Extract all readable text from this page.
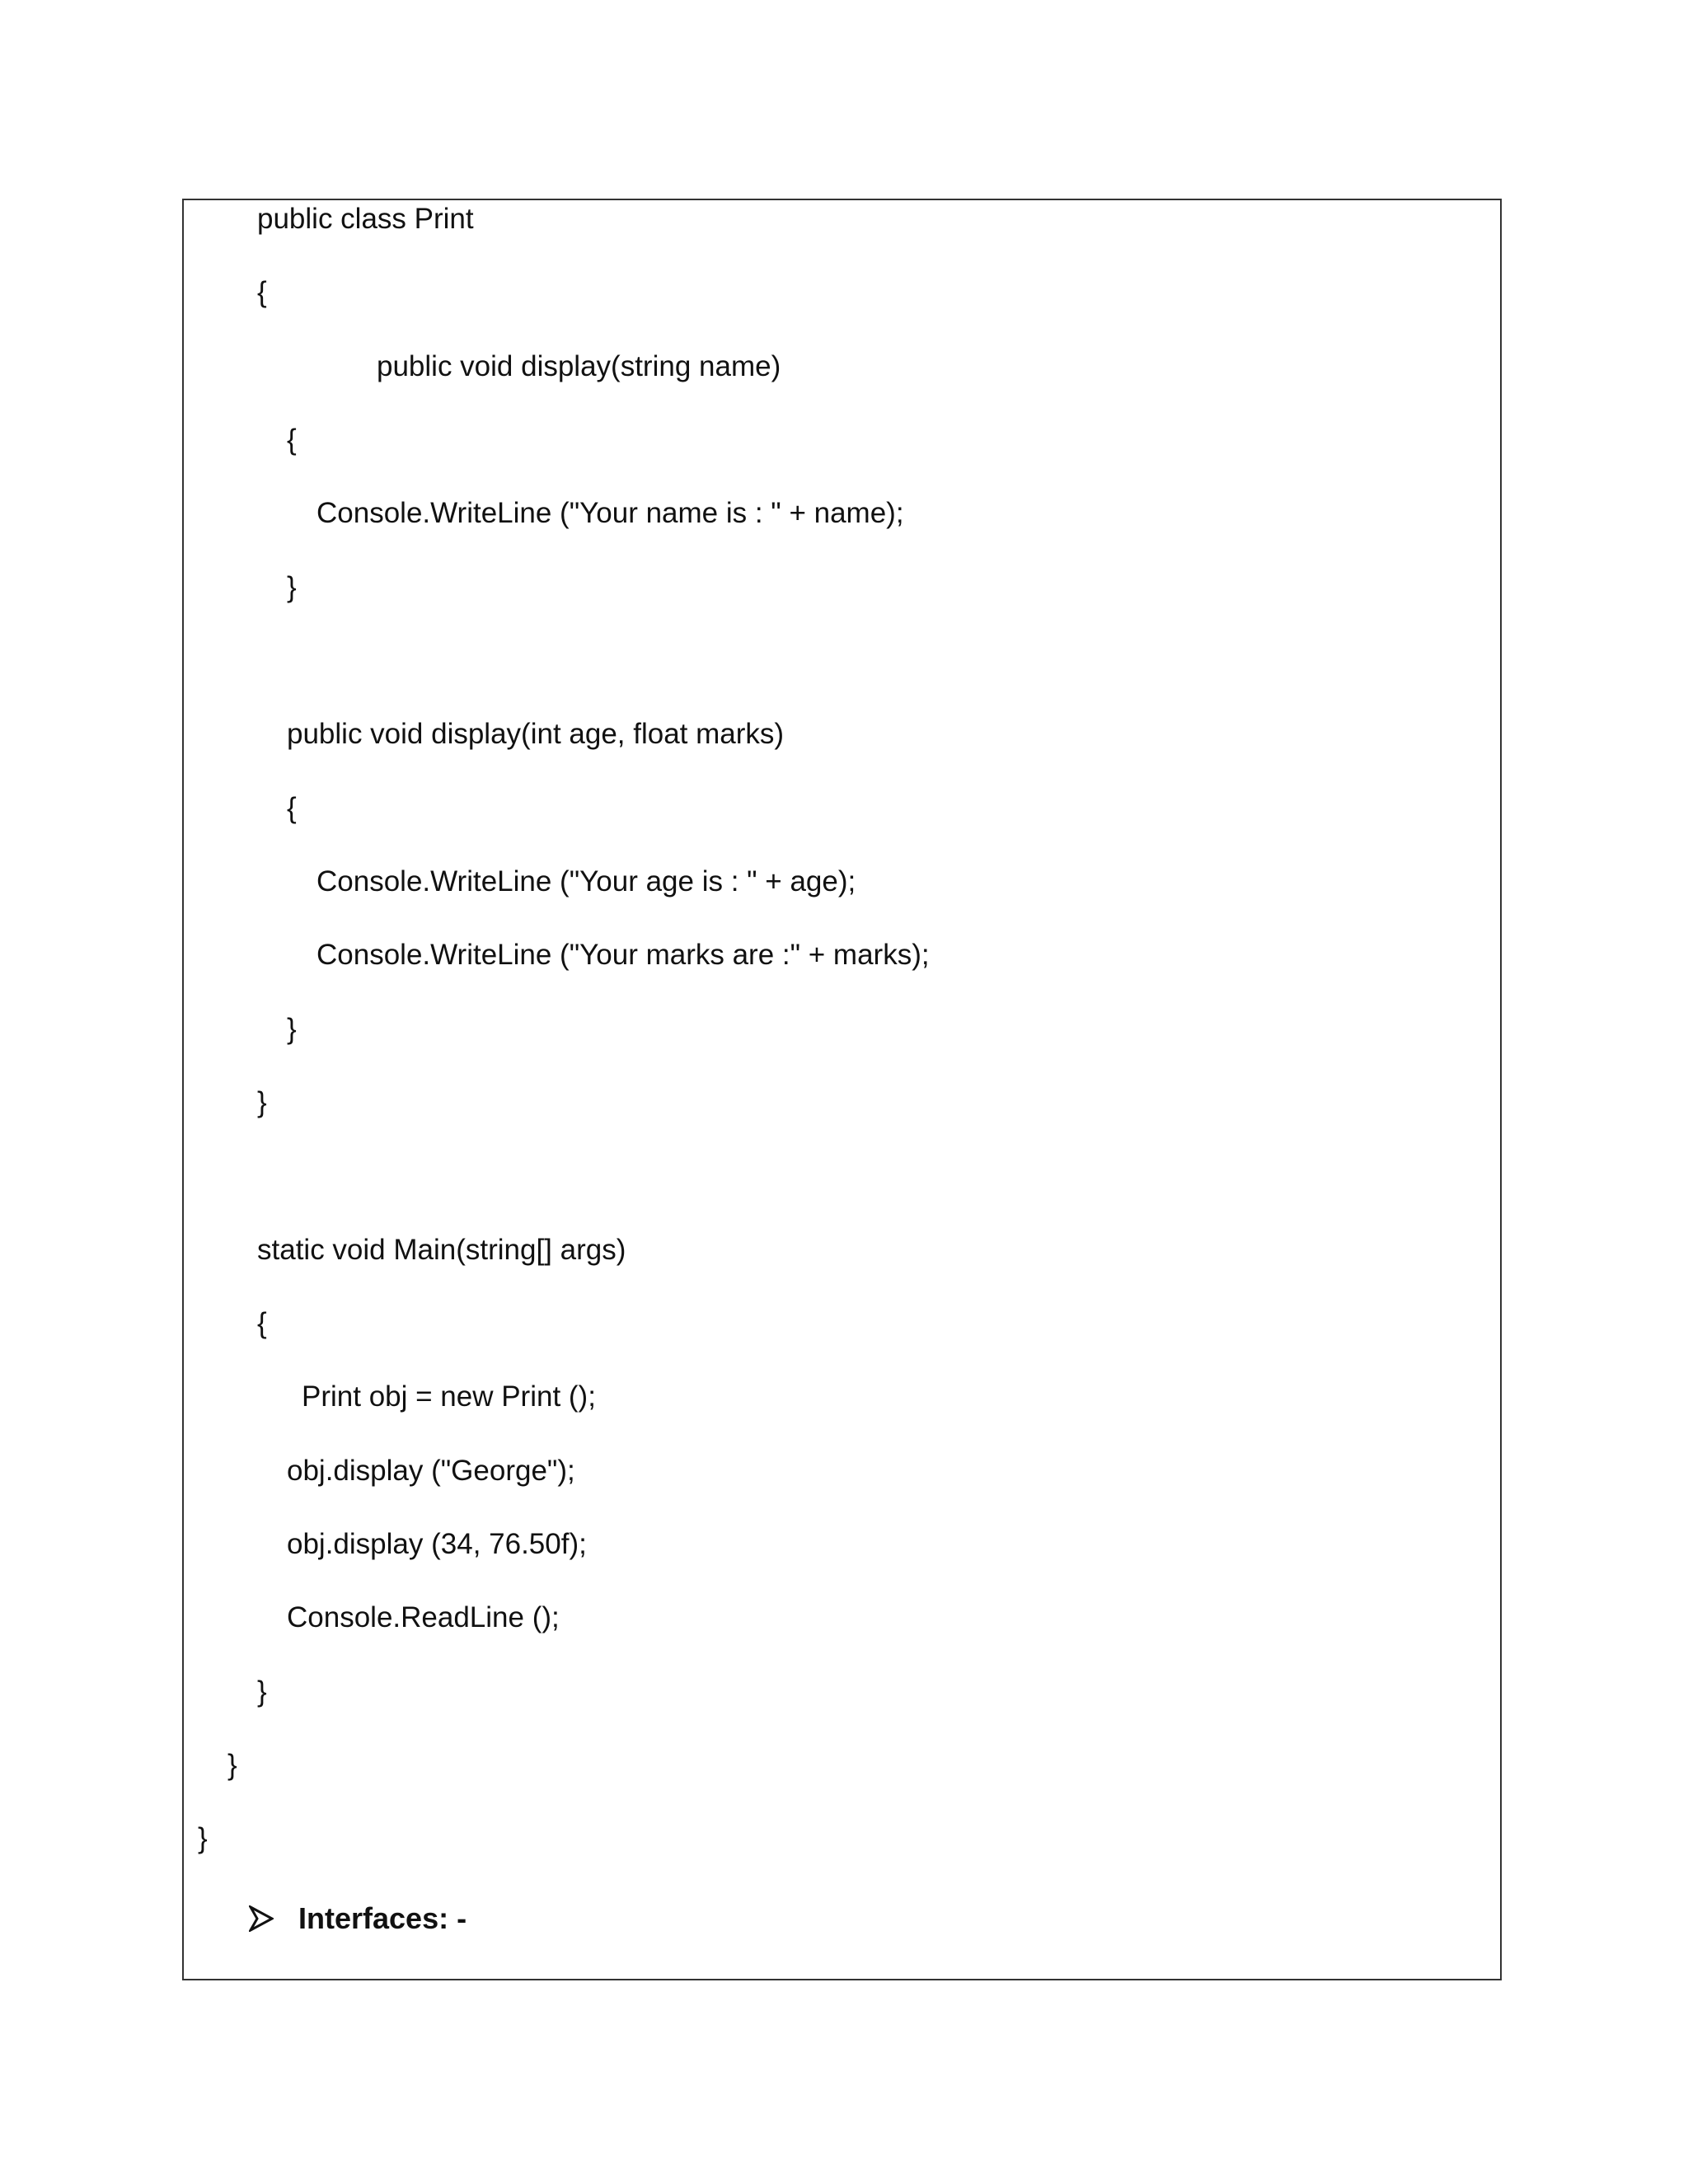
public class Print
{
public void display(string name)
{
Console.WriteLine ("Your name is : " + name);
}
public void display(int age, float marks)
{
Console.WriteLine ("Your age is : " + age);
Console.WriteLine ("Your marks are :" + marks);
}
}
static void Main(string[] args)
{
Print obj = new Print ();
obj.display ("George");
obj.display (34, 76.50f);
Console.ReadLine ();
}
}
}
Interfaces: -
